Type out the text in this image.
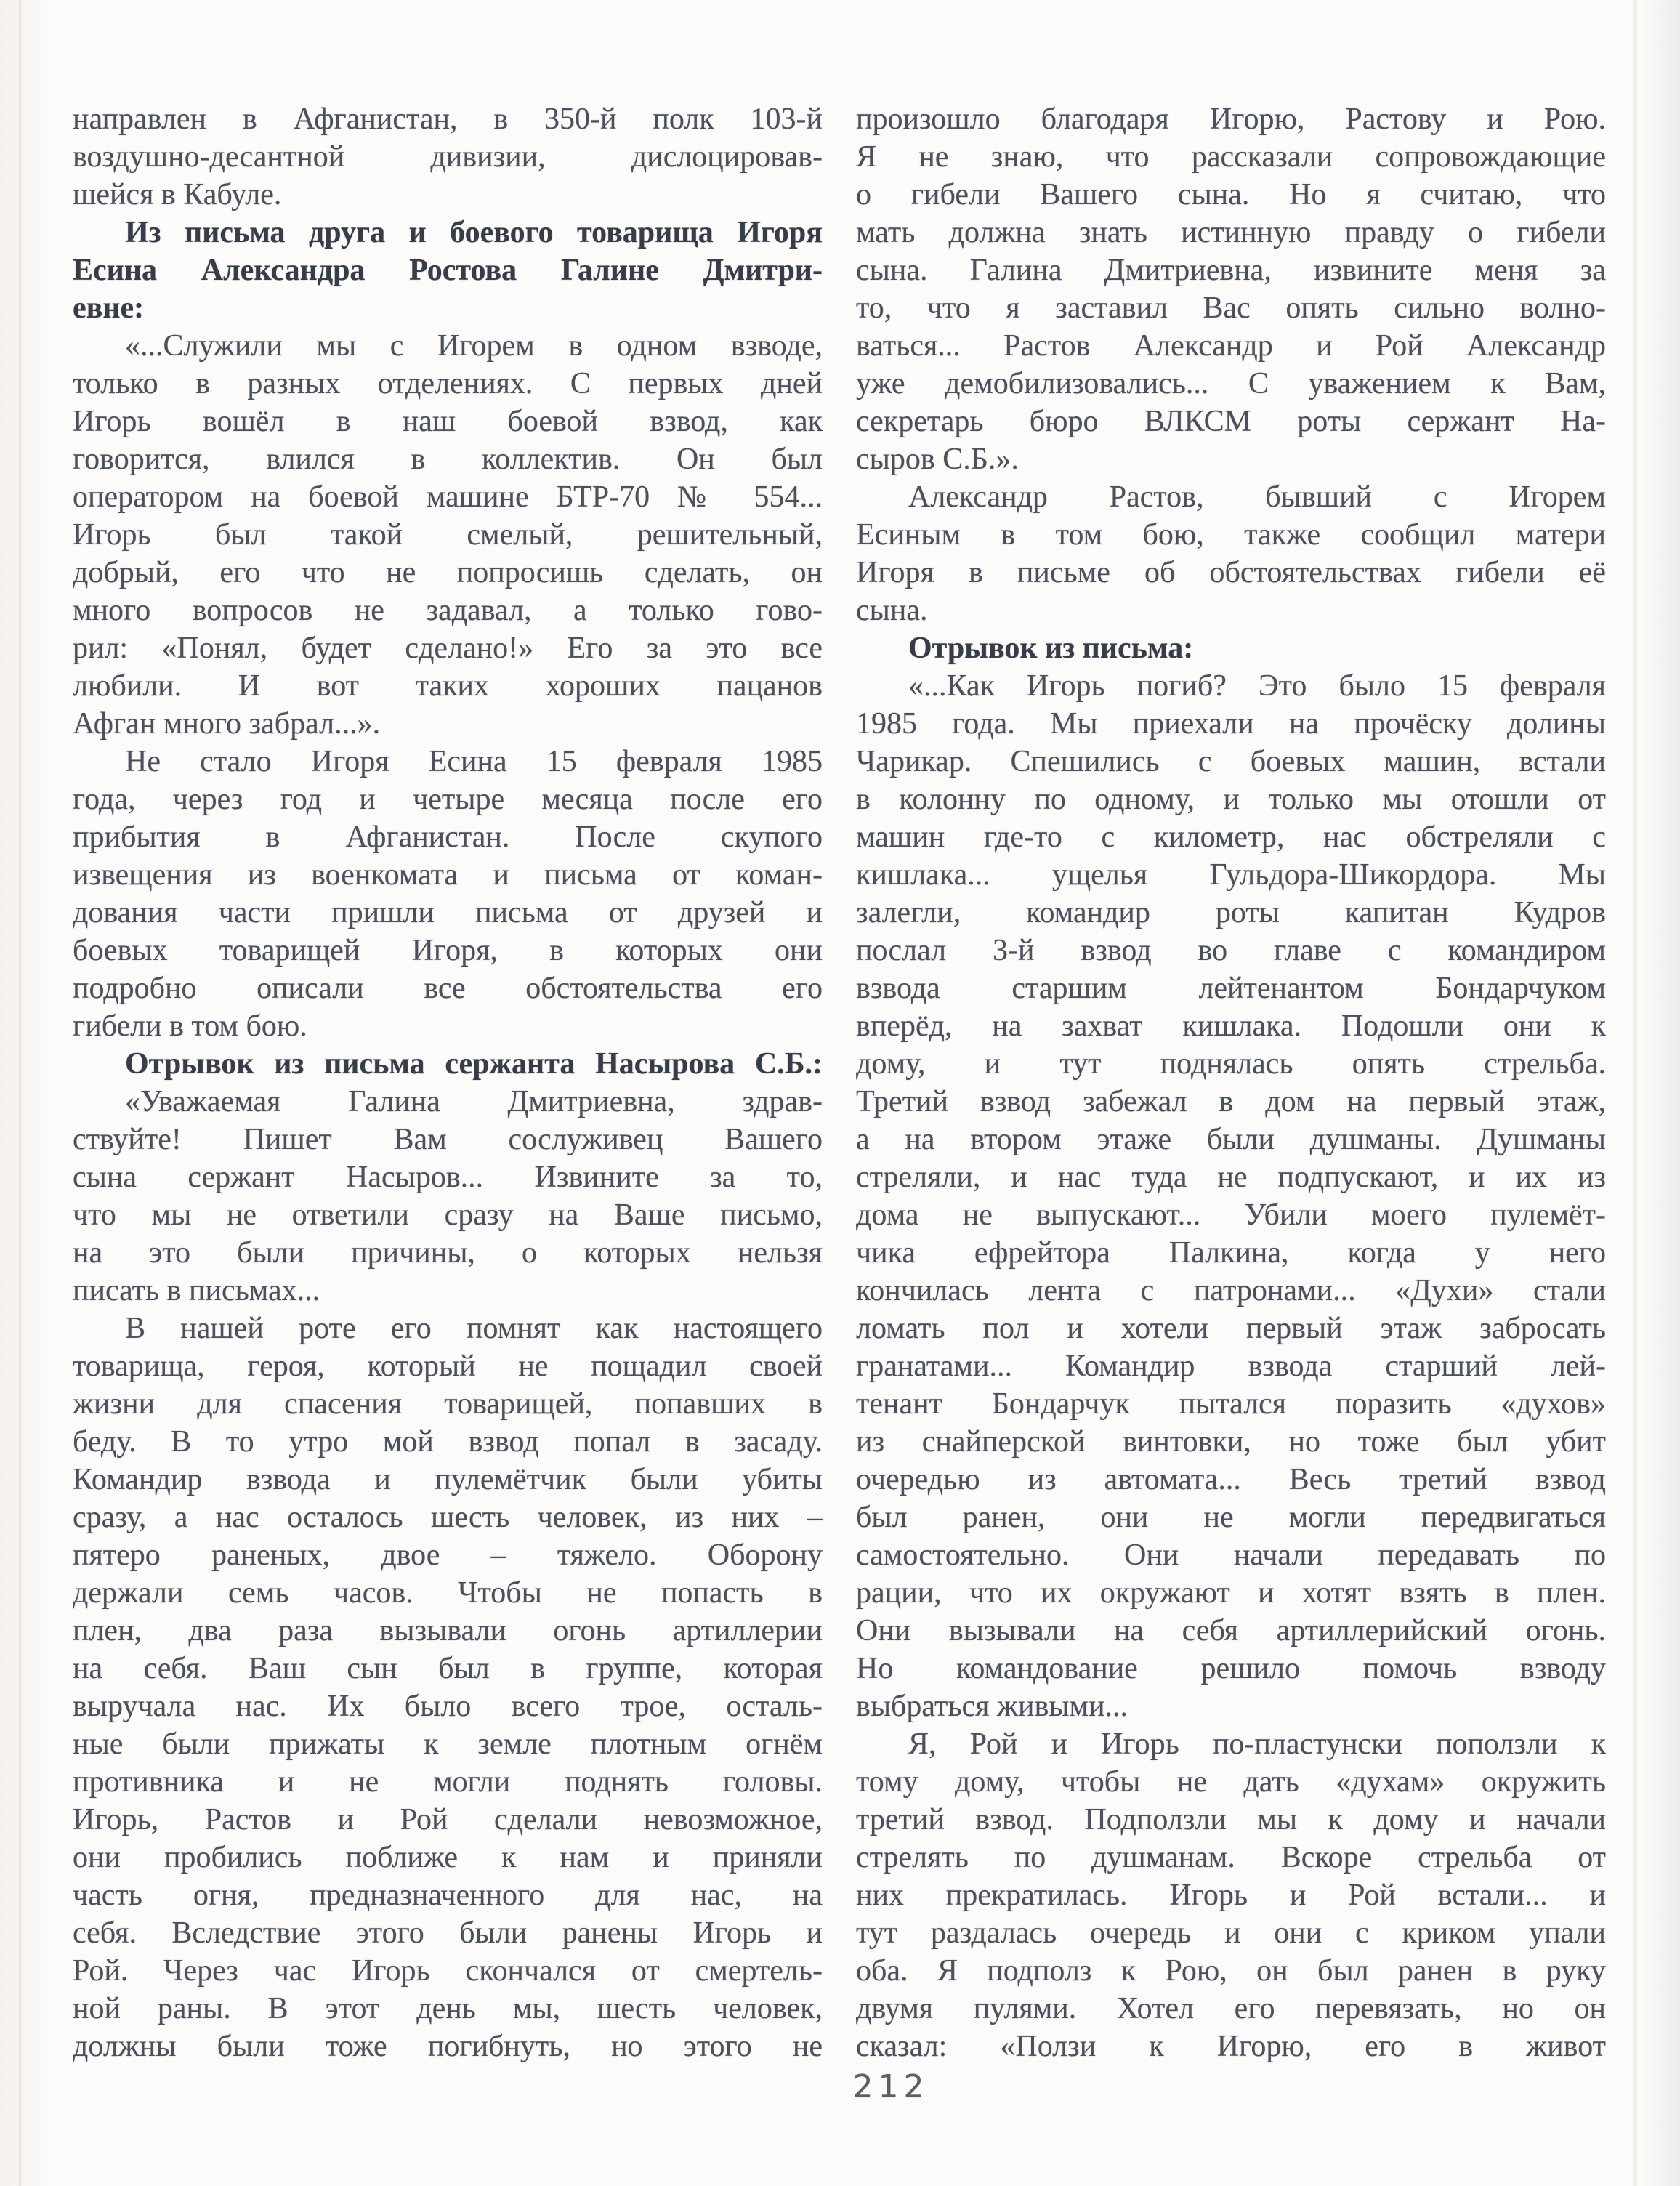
направлен в Афганистан, в 350-й полк 103-й
воздушно-десантной дивизии, дислоцировав-
шейся в Кабуле.
Из письма друга и боевого товарища Игоря
Есина Александра Ростова Галине Дмитри-
евне:
«...Служили мы с Игорем в одном взводе,
только в разных отделениях. С первых дней
Игорь вошёл в наш боевой взвод, как
говорится, влился в коллектив. Он был
оператором на боевой машине БТР-70 № 554...
Игорь был такой смелый, решительный,
добрый, его что не попросишь сделать, он
много вопросов не задавал, а только гово-
рил: «Понял, будет сделано!» Его за это все
любили. И вот таких хороших пацанов
Афган много забрал...».
Не стало Игоря Есина 15 февраля 1985
года, через год и четыре месяца после его
прибытия в Афганистан. После скупого
извещения из военкомата и письма от коман-
дования части пришли письма от друзей и
боевых товарищей Игоря, в которых они
подробно описали все обстоятельства его
гибели в том бою.
Отрывок из письма сержанта Насырова С.Б.:
«Уважаемая Галина Дмитриевна, здрав-
ствуйте! Пишет Вам сослуживец Вашего
сына сержант Насыров... Извините за то,
что мы не ответили сразу на Ваше письмо,
на это были причины, о которых нельзя
писать в письмах...
В нашей роте его помнят как настоящего
товарища, героя, который не пощадил своей
жизни для спасения товарищей, попавших в
беду. В то утро мой взвод попал в засаду.
Командир взвода и пулемётчик были убиты
сразу, а нас осталось шесть человек, из них –
пятеро раненых, двое – тяжело. Оборону
держали семь часов. Чтобы не попасть в
плен, два раза вызывали огонь артиллерии
на себя. Ваш сын был в группе, которая
выручала нас. Их было всего трое, осталь-
ные были прижаты к земле плотным огнём
противника и не могли поднять головы.
Игорь, Растов и Рой сделали невозможное,
они пробились поближе к нам и приняли
часть огня, предназначенного для нас, на
себя. Вследствие этого были ранены Игорь и
Рой. Через час Игорь скончался от смертель-
ной раны. В этот день мы, шесть человек,
должны были тоже погибнуть, но этого не
произошло благодаря Игорю, Растову и Рою.
Я не знаю, что рассказали сопровождающие
о гибели Вашего сына. Но я считаю, что
мать должна знать истинную правду о гибели
сына. Галина Дмитриевна, извините меня за
то, что я заставил Вас опять сильно волно-
ваться... Растов Александр и Рой Александр
уже демобилизовались... С уважением к Вам,
секретарь бюро ВЛКСМ роты сержант На-
сыров С.Б.».
Александр Растов, бывший с Игорем
Есиным в том бою, также сообщил матери
Игоря в письме об обстоятельствах гибели её
сына.
Отрывок из письма:
«...Как Игорь погиб? Это было 15 февраля
1985 года. Мы приехали на прочёску долины
Чарикар. Спешились с боевых машин, встали
в колонну по одному, и только мы отошли от
машин где-то с километр, нас обстреляли с
кишлака... ущелья Гульдора-Шикордора. Мы
залегли, командир роты капитан Кудров
послал 3-й взвод во главе с командиром
взвода старшим лейтенантом Бондарчуком
вперёд, на захват кишлака. Подошли они к
дому, и тут поднялась опять стрельба.
Третий взвод забежал в дом на первый этаж,
а на втором этаже были душманы. Душманы
стреляли, и нас туда не подпускают, и их из
дома не выпускают... Убили моего пулемёт-
чика ефрейтора Палкина, когда у него
кончилась лента с патронами... «Духи» стали
ломать пол и хотели первый этаж забросать
гранатами... Командир взвода старший лей-
тенант Бондарчук пытался поразить «духов»
из снайперской винтовки, но тоже был убит
очередью из автомата... Весь третий взвод
был ранен, они не могли передвигаться
самостоятельно. Они начали передавать по
рации, что их окружают и хотят взять в плен.
Они вызывали на себя артиллерийский огонь.
Но командование решило помочь взводу
выбраться живыми...
Я, Рой и Игорь по-пластунски поползли к
тому дому, чтобы не дать «духам» окружить
третий взвод. Подползли мы к дому и начали
стрелять по душманам. Вскоре стрельба от
них прекратилась. Игорь и Рой встали... и
тут раздалась очередь и они с криком упали
оба. Я подполз к Рою, он был ранен в руку
двумя пулями. Хотел его перевязать, но он
сказал: «Ползи к Игорю, его в живот
212
